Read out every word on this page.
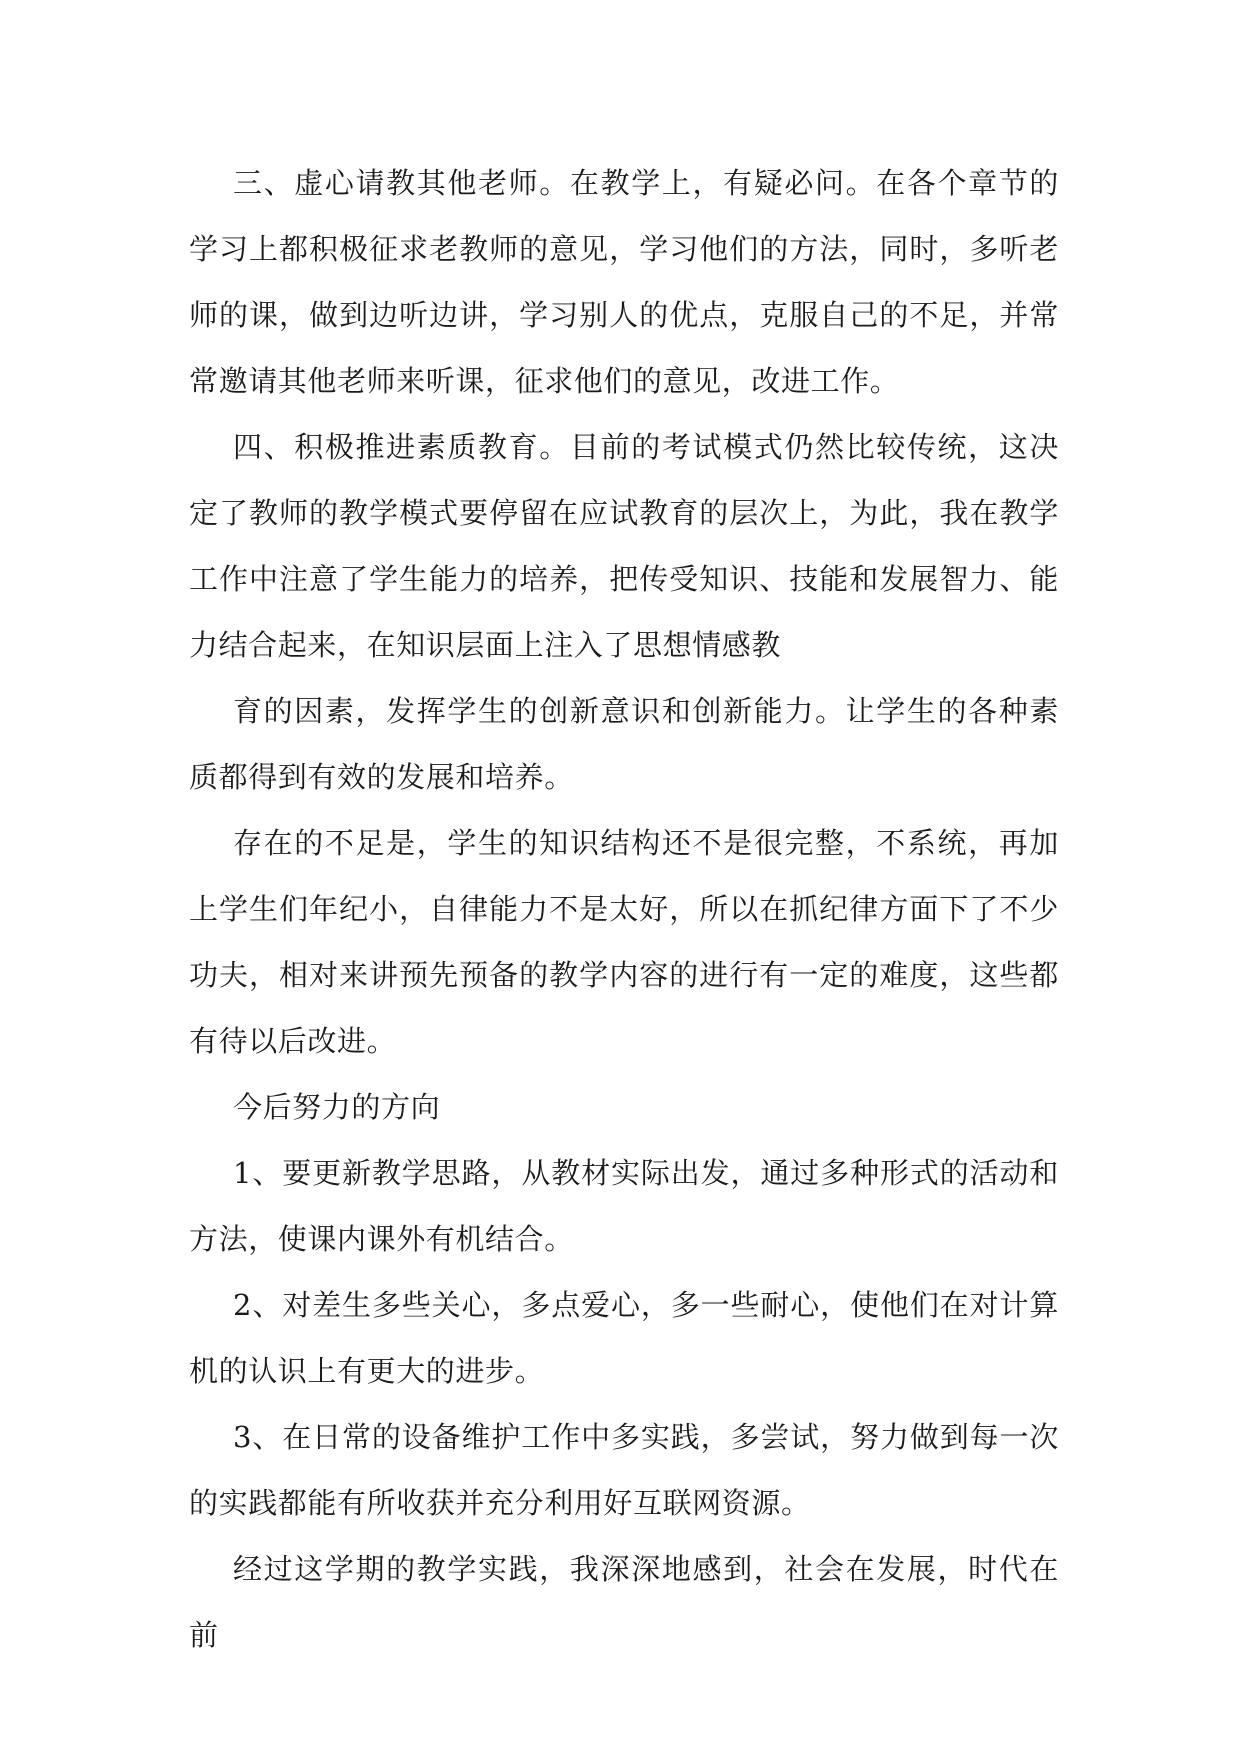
三、虚心请教其他老师。在教学上，有疑必问。在各个章节的学习上都积极征求老教师的意见，学习他们的方法，同时，多听老师的课，做到边听边讲，学习别人的优点，克服自己的不足，并常常邀请其他老师来听课，征求他们的意见，改进工作。

四、积极推进素质教育。目前的考试模式仍然比较传统，这决定了教师的教学模式要停留在应试教育的层次上，为此，我在教学工作中注意了学生能力的培养，把传受知识、技能和发展智力、能力结合起来，在知识层面上注入了思想情感教

育的因素，发挥学生的创新意识和创新能力。让学生的各种素质都得到有效的发展和培养。

存在的不足是，学生的知识结构还不是很完整，不系统，再加上学生们年纪小，自律能力不是太好，所以在抓纪律方面下了不少功夫，相对来讲预先预备的教学内容的进行有一定的难度，这些都有待以后改进。

今后努力的方向

1、要更新教学思路，从教材实际出发，通过多种形式的活动和方法，使课内课外有机结合。

2、对差生多些关心，多点爱心，多一些耐心，使他们在对计算机的认识上有更大的进步。

3、在日常的设备维护工作中多实践，多尝试，努力做到每一次的实践都能有所收获并充分利用好互联网资源。

经过这学期的教学实践，我深深地感到，社会在发展，时代在前
